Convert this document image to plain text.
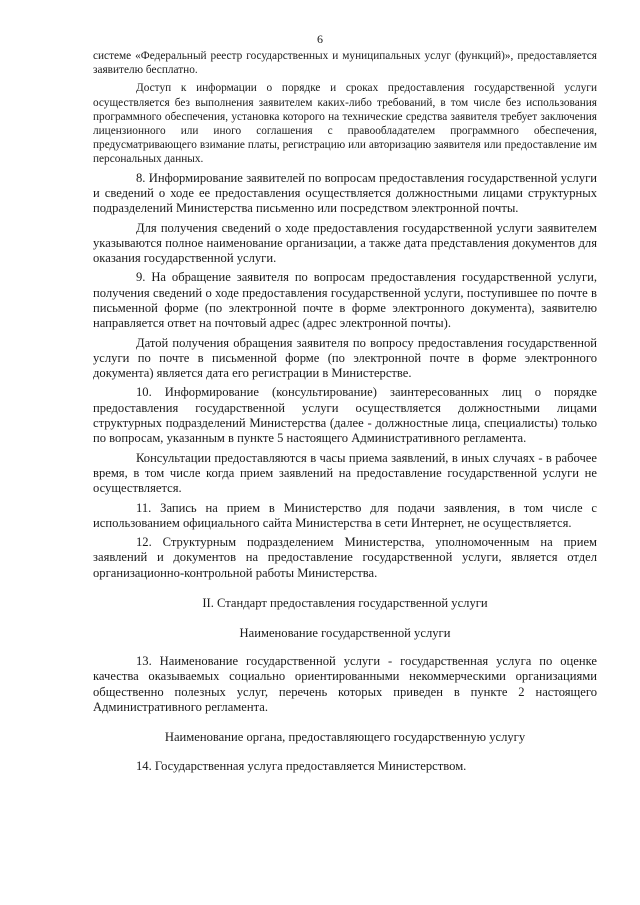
6

системе «Федеральный реестр государственных и муниципальных услуг (функций)», предоставляется заявителю бесплатно.

Доступ к информации о порядке и сроках предоставления государственной услуги осуществляется без выполнения заявителем каких-либо требований, в том числе без использования программного обеспечения, установка которого на технические средства заявителя требует заключения лицензионного или иного соглашения с правообладателем программного обеспечения, предусматривающего взимание платы, регистрацию или авторизацию заявителя или предоставление им персональных данных.

8. Информирование заявителей по вопросам предоставления государственной услуги и сведений о ходе ее предоставления осуществляется должностными лицами структурных подразделений Министерства письменно или посредством электронной почты.

Для получения сведений о ходе предоставления государственной услуги заявителем указываются полное наименование организации, а также дата представления документов для оказания государственной услуги.

9. На обращение заявителя по вопросам предоставления государственной услуги, получения сведений о ходе предоставления государственной услуги, поступившее по почте в письменной форме (по электронной почте в форме электронного документа), заявителю направляется ответ на почтовый адрес (адрес электронной почты).

Датой получения обращения заявителя по вопросу предоставления государственной услуги по почте в письменной форме (по электронной почте в форме электронного документа) является дата его регистрации в Министерстве.

10. Информирование (консультирование) заинтересованных лиц о порядке предоставления государственной услуги осуществляется должностными лицами структурных подразделений Министерства (далее - должностные лица, специалисты) только по вопросам, указанным в пункте 5 настоящего Административного регламента.

Консультации предоставляются в часы приема заявлений, в иных случаях - в рабочее время, в том числе когда прием заявлений на предоставление государственной услуги не осуществляется.

11. Запись на прием в Министерство для подачи заявления, в том числе с использованием официального сайта Министерства в сети Интернет, не осуществляется.

12. Структурным подразделением Министерства, уполномоченным на прием заявлений и документов на предоставление государственной услуги, является отдел организационно-контрольной работы Министерства.

II. Стандарт предоставления государственной услуги
Наименование государственной услуги

13. Наименование государственной услуги - государственная услуга по оценке качества оказываемых социально ориентированными некоммерческими организациями общественно полезных услуг, перечень которых приведен в пункте 2 настоящего Административного регламента.

Наименование органа, предоставляющего государственную услугу

14. Государственная услуга предоставляется Министерством.
